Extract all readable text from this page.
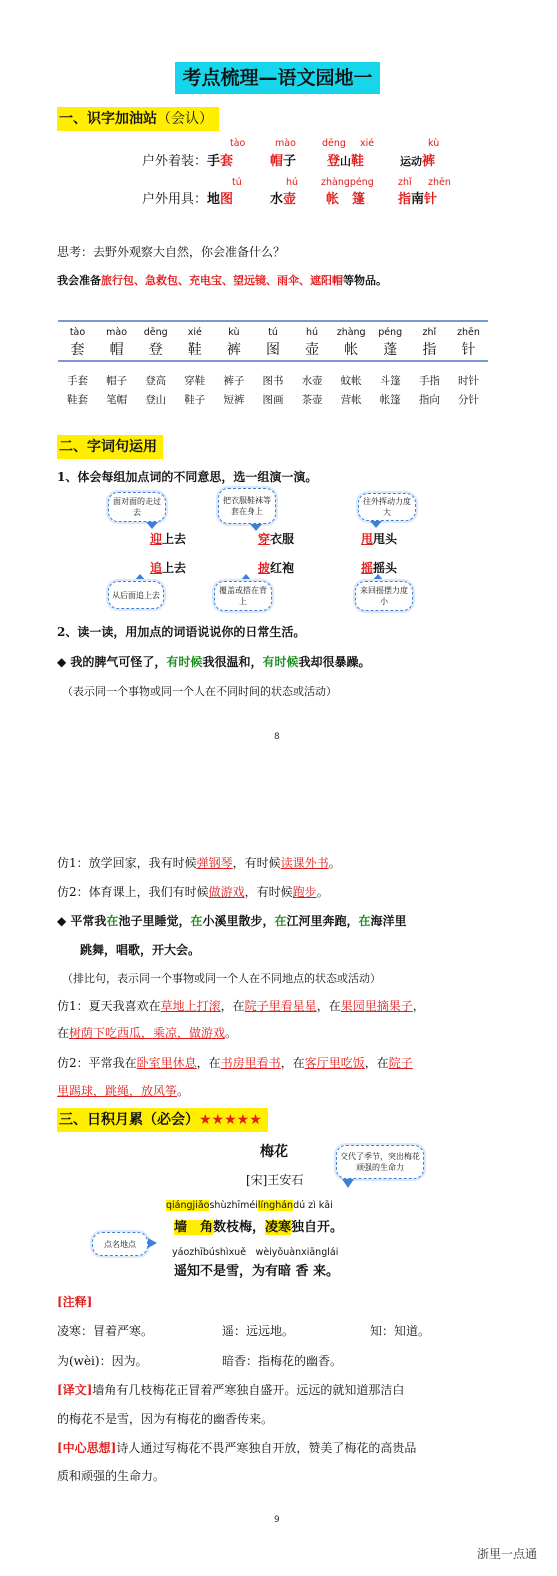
考点梳理—语文园地一
一、识字加油站（会认）
tào	mào	dēng xié	kù
户外着装：手套	帽子 登山鞋	运动裤
tú	hú zhàngpéng	zhǐ zhēn
户外用具：地图	水壶 帐　篷	指南针
思考：去野外观察大自然，你会准备什么？
我会准备旅行包、急救包、充电宝、望远镜、雨伞、遮阳帽等物品。
tào	mào	dēng	xié	kù	tú	hú	zhàng	péng	zhǐ	zhēn
套	帽	登	鞋	裤	图	壶	帐	蓬	指	针
手套	帽子	登高	穿鞋	裤子	图书	水壶	蚊帐	斗篷	手指	时针
鞋套	笔帽	登山	鞋子	短裤	图画	茶壶	营帐	帐篷	指向	分针
二、字词句运用
1、体会每组加点词的不同意思，选一组演一演。
面对面的走过去
把衣服鞋袜等套在身上
往外挥动力度大
迎上去	穿衣服	甩甩头
追上去	披红袍	摇摇头
从后面追上去	覆盖或搭在背上
来回摇摆力度小
2、读一读，用加点的词语说说你的日常生活。
◆ 我的脾气可怪了，有时候我很温和，有时候我却很暴躁。
（表示同一个事物或同一个人在不同时间的状态或活动）
8
仿1：放学回家，我有时候弹钢琴，有时候读课外书。
仿2：体育课上，我们有时候做游戏，有时候跑步。
◆ 平常我在池子里睡觉，在小溪里散步，在江河里奔跑，在海洋里
跳舞，唱歌，开大会。
（排比句，表示同一个事物或同一个人在不同地点的状态或活动）
仿1：夏天我喜欢在草地上打滚，在院子里看星星，在果园里摘果子，
在树荫下吃西瓜，乘凉，做游戏。
仿2：平常我在卧室里休息，在书房里看书，在客厅里吃饭，在院子
里踢球，跳绳，放风筝。
三、日积月累（必会）★★★★★
梅花
[宋]王安石
交代了季节，突出梅花顽强的生命力
qiángjiǎoshùzhīméilínghándú zì kāi
墙　角数枝梅，凌寒独自开。
点名地点
yáozhībúshìxuě　wèiyǒuànxiānglái
遥知不是雪，为有暗 香 来。
[注释]
凌寒：冒着严寒。	遥：远远地。	知：知道。
为(wèi)：因为。	暗香：指梅花的幽香。
[译文]墙角有几枝梅花正冒着严寒独自盛开。远远的就知道那洁白
的梅花不是雪，因为有梅花的幽香传来。
[中心思想]诗人通过写梅花不畏严寒独自开放，赞美了梅花的高贵品
质和顽强的生命力。
9
浙里一点通
